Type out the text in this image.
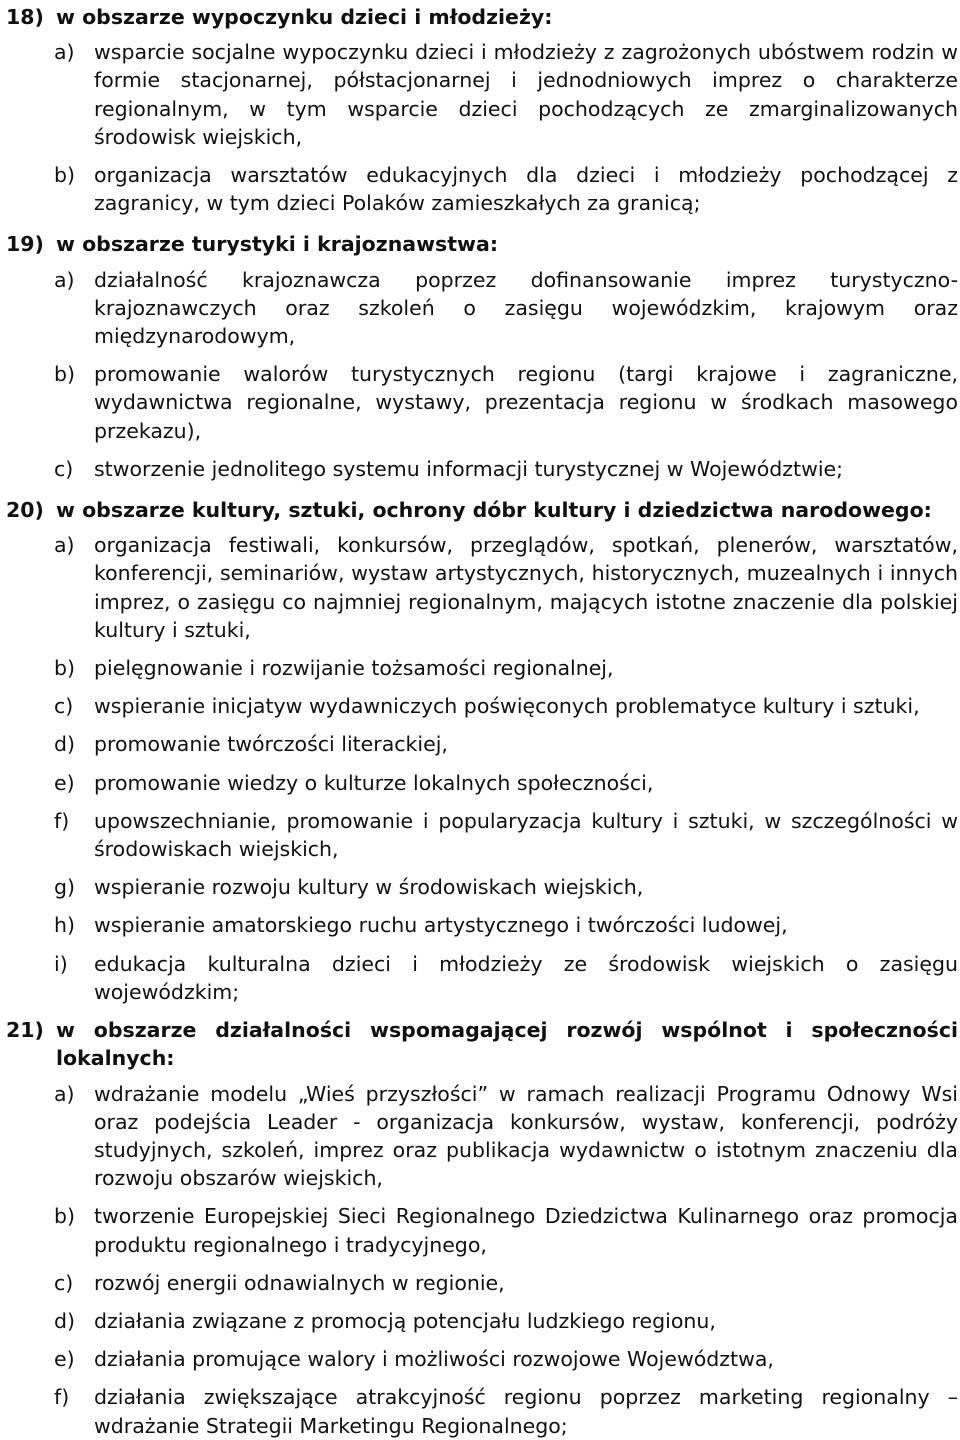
18) w obszarze wypoczynku dzieci i młodzieży:
a) wsparcie socjalne wypoczynku dzieci i młodzieży z zagrożonych ubóstwem rodzin w formie stacjonarnej, półstacjonarnej i jednodniowych imprez o charakterze regionalnym, w tym wsparcie dzieci pochodzących ze zmarginalizowanych środowisk wiejskich,
b) organizacja warsztatów edukacyjnych dla dzieci i młodzieży pochodzącej z zagranicy, w tym dzieci Polaków zamieszkałych za granicą;
19) w obszarze turystyki i krajoznawstwa:
a) działalność krajoznawcza poprzez dofinansowanie imprez turystyczno-krajoznawczych oraz szkoleń o zasięgu wojewódzkim, krajowym oraz międzynarodowym,
b) promowanie walorów turystycznych regionu (targi krajowe i zagraniczne, wydawnictwa regionalne, wystawy, prezentacja regionu w środkach masowego przekazu),
c)	stworzenie jednolitego systemu informacji turystycznej w Województwie;
20) w obszarze kultury, sztuki, ochrony dóbr kultury i dziedzictwa narodowego:
a) organizacja festiwali, konkursów, przeglądów, spotkań, plenerów, warsztatów, konferencji, seminariów, wystaw artystycznych, historycznych, muzealnych i innych imprez, o zasięgu co najmniej regionalnym, mających istotne znaczenie dla polskiej kultury i sztuki,
b) pielęgnowanie i rozwijanie tożsamości regionalnej,
c)	wspieranie inicjatyw wydawniczych poświęconych problematyce kultury i sztuki,
d) promowanie twórczości literackiej,
e) promowanie wiedzy o kulturze lokalnych społeczności,
f)	upowszechnianie, promowanie i popularyzacja kultury i sztuki, w szczególności w środowiskach wiejskich,
g) wspieranie rozwoju kultury w środowiskach wiejskich,
h) wspieranie amatorskiego ruchu artystycznego i twórczości ludowej,
i)	edukacja kulturalna dzieci i młodzieży ze środowisk wiejskich o zasięgu wojewódzkim;
21) w obszarze działalności wspomagającej rozwój wspólnot i społeczności
lokalnych:
a) wdrażanie modelu „Wieś przyszłości” w ramach realizacji Programu Odnowy Wsi oraz podejścia Leader - organizacja konkursów, wystaw, konferencji, podróży studyjnych, szkoleń, imprez oraz publikacja wydawnictw o istotnym znaczeniu dla rozwoju obszarów wiejskich,
b) tworzenie Europejskiej Sieci Regionalnego Dziedzictwa Kulinarnego oraz promocja produktu regionalnego i tradycyjnego,
c)	rozwój energii odnawialnych w regionie,
d) działania związane z promocją potencjału ludzkiego regionu,
e) działania promujące walory i możliwości rozwojowe Województwa,
f)	działania zwiększające atrakcyjność regionu poprzez marketing regionalny – wdrażanie Strategii Marketingu Regionalnego;
